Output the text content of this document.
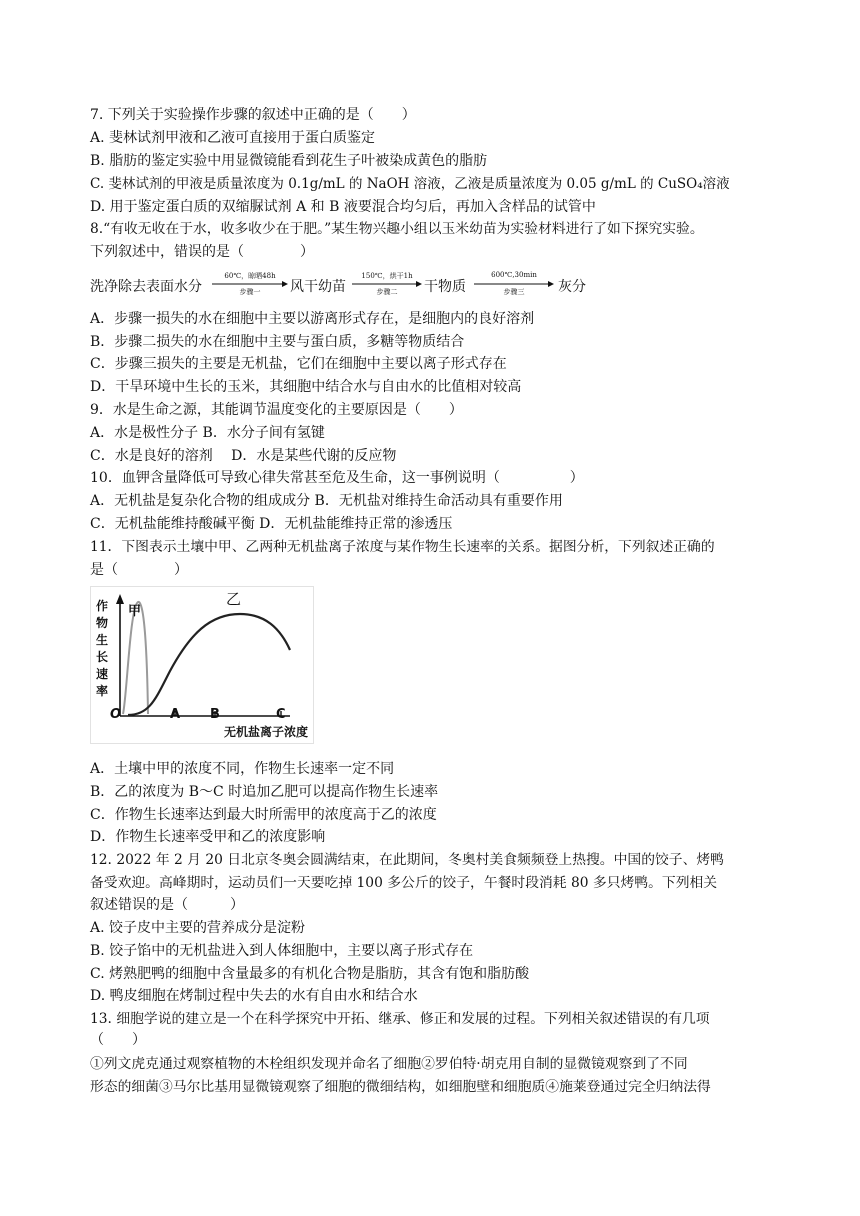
7. 下列关于实验操作步骤的叙述中正确的是（　　）
A. 斐林试剂甲液和乙液可直接用于蛋白质鉴定
B. 脂肪的鉴定实验中用显微镜能看到花生子叶被染成黄色的脂肪
C. 斐林试剂的甲液是质量浓度为 0.1g/mL 的 NaOH 溶液，乙液是质量浓度为 0.05 g/mL 的 CuSO₄溶液
D. 用于鉴定蛋白质的双缩脲试剂 A 和 B 液要混合均匀后，再加入含样品的试管中
8.“有收无收在于水，收多收少在于肥。”某生物兴趣小组以玉米幼苗为实验材料进行了如下探究实验。
下列叙述中，错误的是（　　　　）
洗净除去表面水分
60℃，晾晒48h
步骤一	风干幼苗
150℃，烘干1h
步骤二	干物质
600℃,30min
步骤三	灰分
A．步骤一损失的水在细胞中主要以游离形式存在，是细胞内的良好溶剂
B．步骤二损失的水在细胞中主要与蛋白质，多糖等物质结合
C．步骤三损失的主要是无机盐，它们在细胞中主要以离子形式存在
D．干旱环境中生长的玉米，其细胞中结合水与自由水的比值相对较高
9．水是生命之源，其能调节温度变化的主要原因是（　　）
A．水是极性分子 B．水分子间有氢键
C．水是良好的溶剂　 D．水是某些代谢的反应物
10．血钾含量降低可导致心律失常甚至危及生命，这一事例说明（　　　　　）
A．无机盐是复杂化合物的组成成分 B．无机盐对维持生命活动具有重要作用
C．无机盐能维持酸碱平衡 D．无机盐能维持正常的渗透压
11．下图表示土壤中甲、乙两种无机盐离子浓度与某作物生长速率的关系。据图分析，下列叙述正确的
是（　　　　）
作物生长速率
甲
乙
O	A B	C
无机盐离子浓度
A．土壤中甲的浓度不同，作物生长速率一定不同
B．乙的浓度为 B～C 时追加乙肥可以提高作物生长速率
C．作物生长速率达到最大时所需甲的浓度高于乙的浓度
D．作物生长速率受甲和乙的浓度影响
12. 2022 年 2 月 20 日北京冬奥会圆满结束，在此期间，冬奥村美食频频登上热搜。中国的饺子、烤鸭
备受欢迎。高峰期时，运动员们一天要吃掉 100 多公斤的饺子，午餐时段消耗 80 多只烤鸭。下列相关
叙述错误的是（　　　）
A. 饺子皮中主要的营养成分是淀粉
B. 饺子馅中的无机盐进入到人体细胞中，主要以离子形式存在
C. 烤熟肥鸭的细胞中含量最多的有机化合物是脂肪，其含有饱和脂肪酸
D. 鸭皮细胞在烤制过程中失去的水有自由水和结合水
13. 细胞学说的建立是一个在科学探究中开拓、继承、修正和发展的过程。下列相关叙述错误的有几项
（　　）
①列文虎克通过观察植物的木栓组织发现并命名了细胞②罗伯特·胡克用自制的显微镜观察到了不同
形态的细菌③马尔比基用显微镜观察了细胞的微细结构，如细胞壁和细胞质④施莱登通过完全归纳法得
